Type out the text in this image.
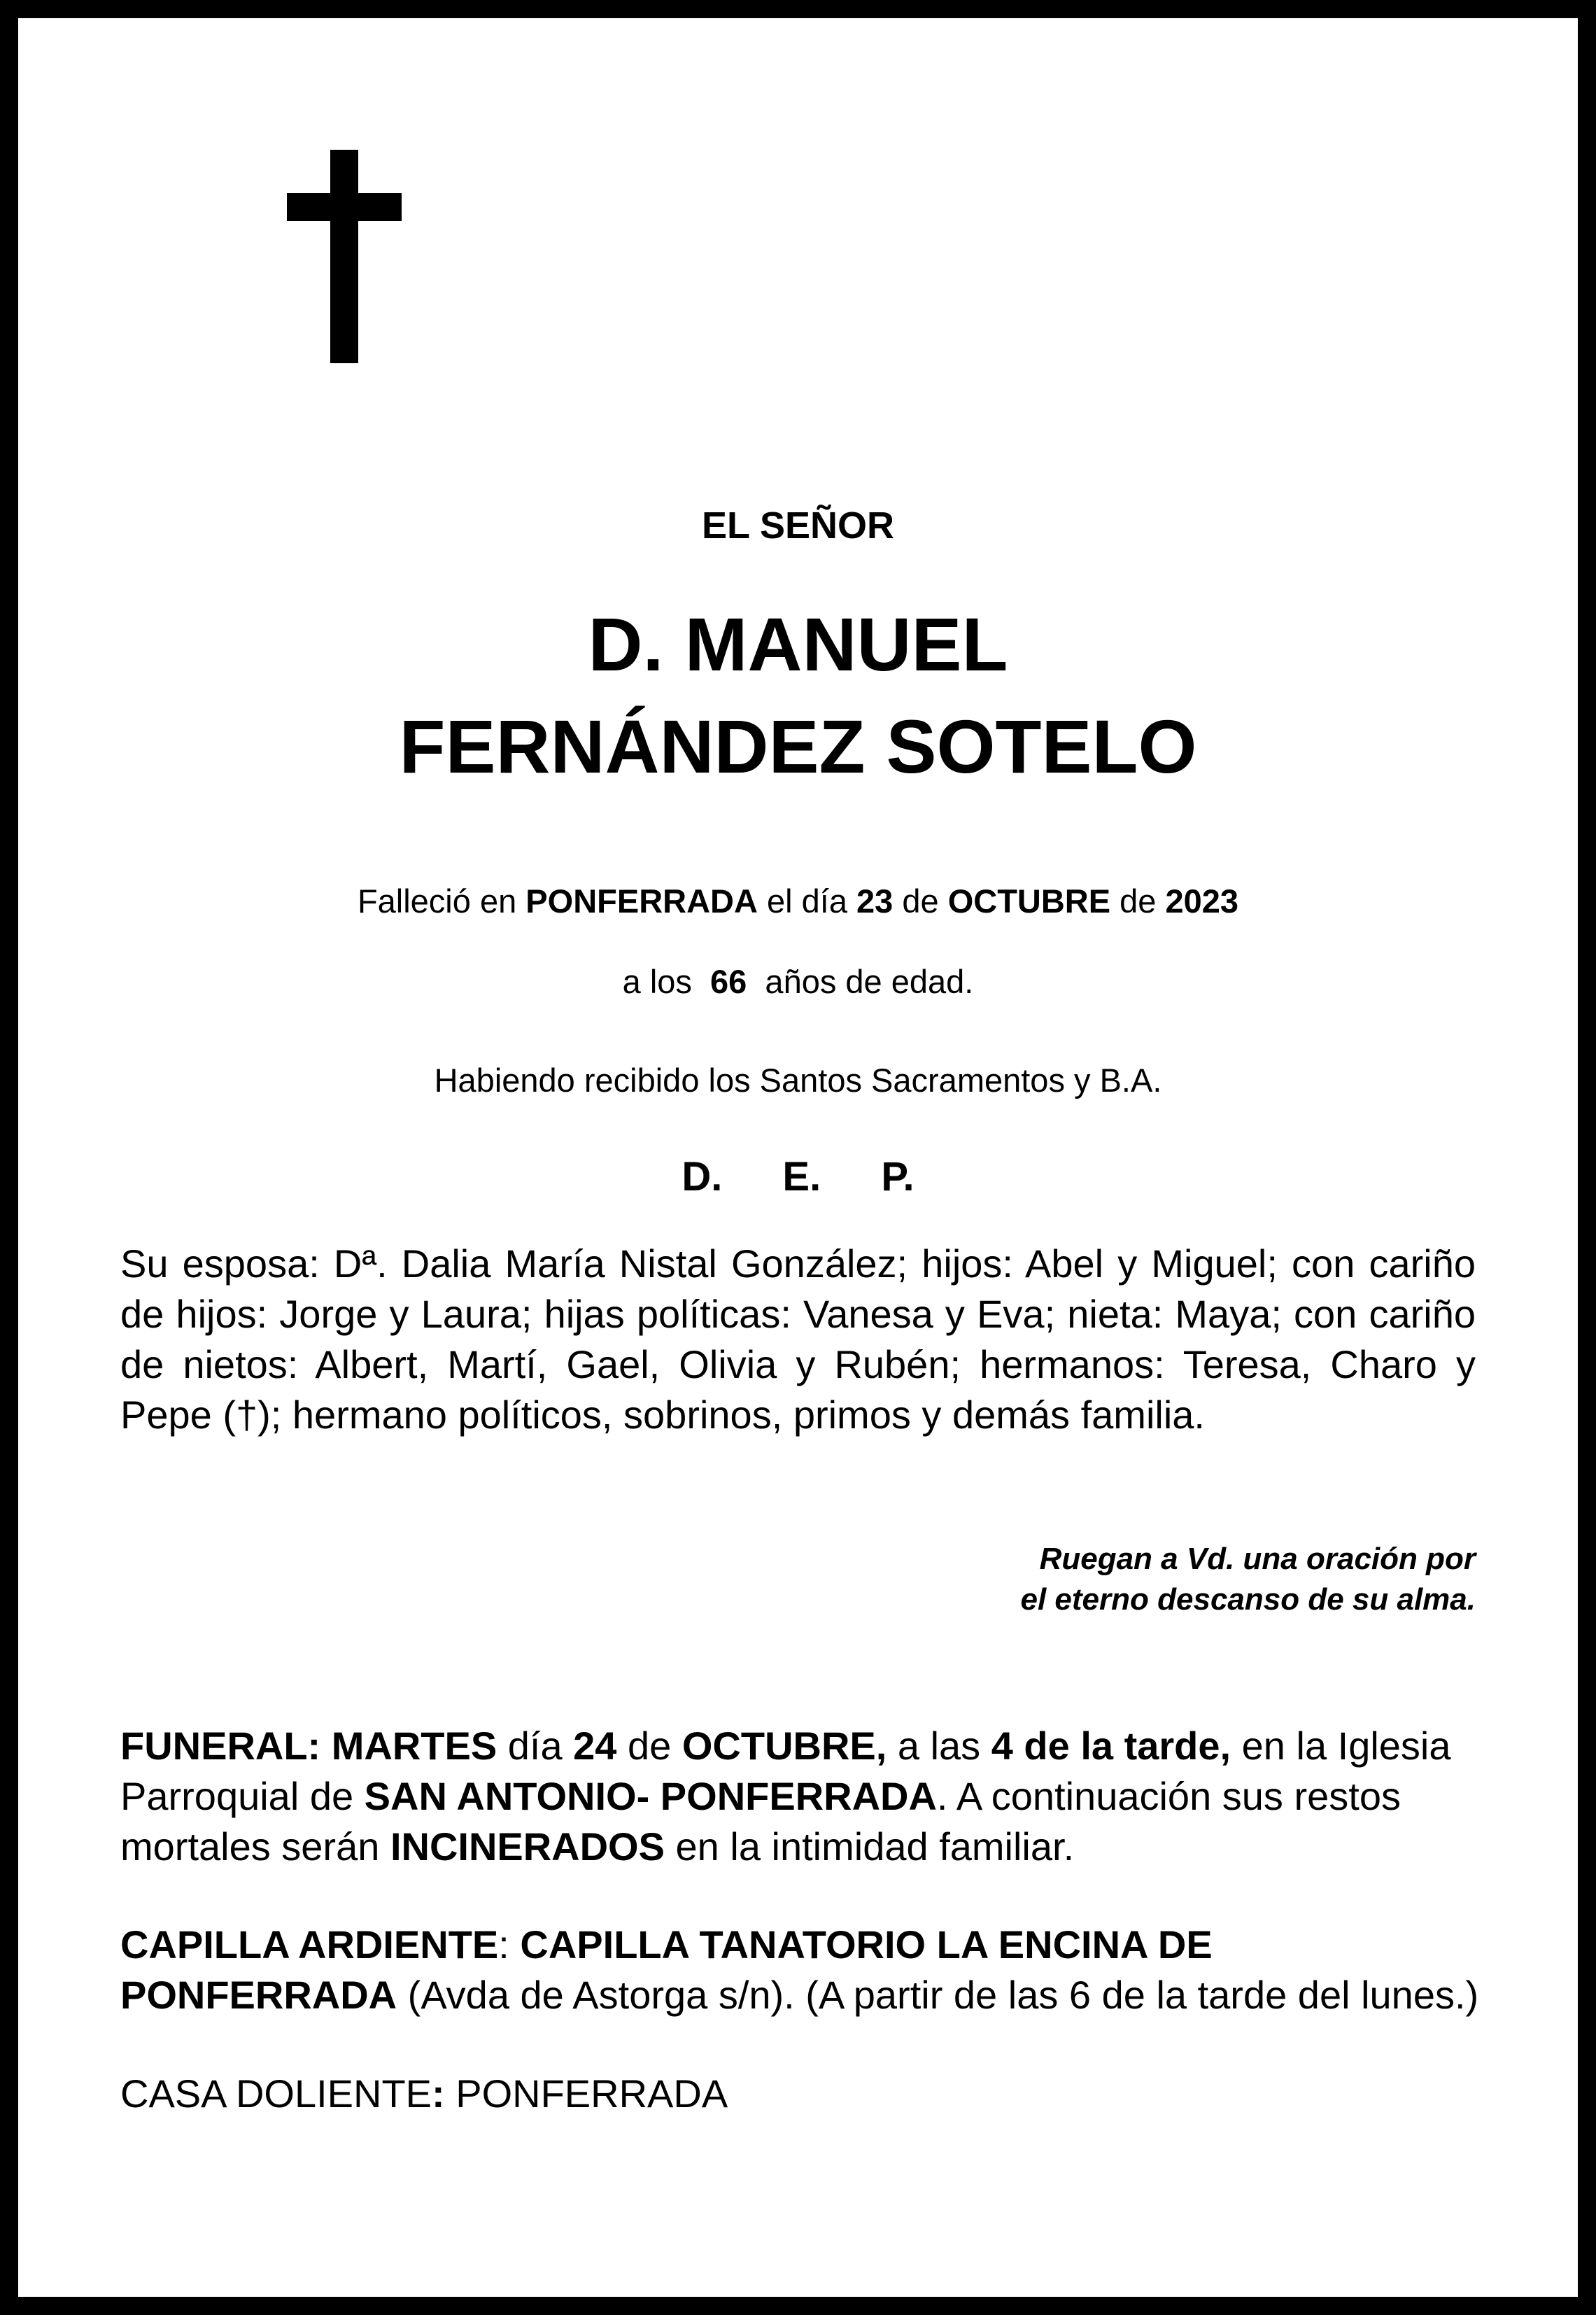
EL SEÑOR
D. MANUEL
FERNÁNDEZ SOTELO
Falleció en PONFERRADA el día 23 de OCTUBRE de 2023
a los  66  años de edad.
Habiendo recibido los Santos Sacramentos y B.A.
D. E. P.
Su esposa: Dª. Dalia María Nistal González; hijos: Abel y Miguel; con cariño de hijos: Jorge y Laura; hijas políticas: Vanesa y Eva; nieta: Maya; con cariño de nietos: Albert, Martí, Gael, Olivia y Rubén; hermanos: Teresa, Charo y Pepe (†); hermano políticos, sobrinos, primos y demás familia.
Ruegan a Vd. una oración por
el eterno descanso de su alma.
FUNERAL: MARTES día 24 de OCTUBRE, a las 4 de la tarde, en la Iglesia Parroquial de SAN ANTONIO- PONFERRADA. A continuación sus restos mortales serán INCINERADOS en la intimidad familiar.
CAPILLA ARDIENTE: CAPILLA TANATORIO LA ENCINA DE PONFERRADA (Avda de Astorga s/n). (A partir de las 6 de la tarde del lunes.)
CASA DOLIENTE: PONFERRADA
